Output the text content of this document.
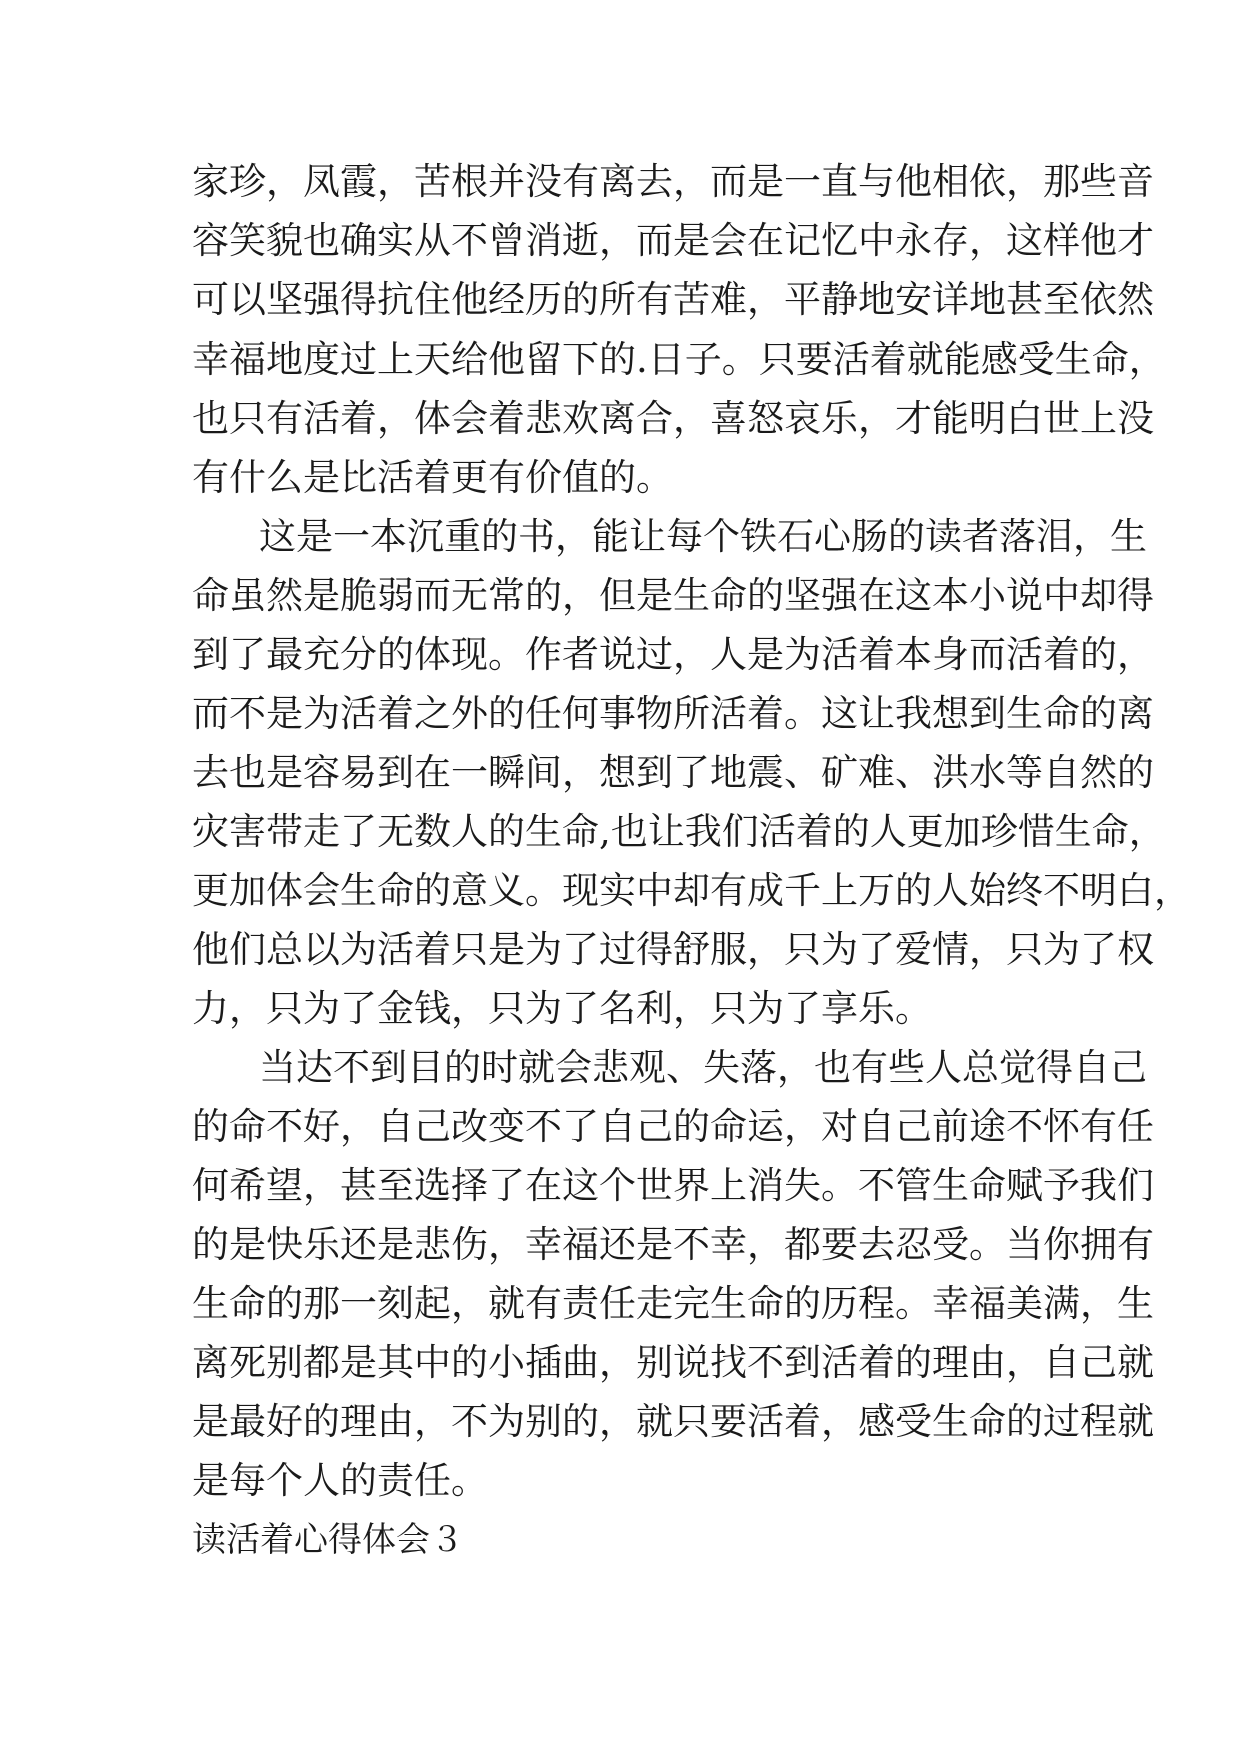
家珍，凤霞，苦根并没有离去，而是一直与他相依，那些音
容笑貌也确实从不曾消逝，而是会在记忆中永存，这样他才
可以坚强得抗住他经历的所有苦难，平静地安详地甚至依然
幸福地度过上天给他留下的.日子。只要活着就能感受生命，
也只有活着，体会着悲欢离合，喜怒哀乐，才能明白世上没
有什么是比活着更有价值的。
这是一本沉重的书，能让每个铁石心肠的读者落泪，生
命虽然是脆弱而无常的，但是生命的坚强在这本小说中却得
到了最充分的体现。作者说过，人是为活着本身而活着的，
而不是为活着之外的任何事物所活着。这让我想到生命的离
去也是容易到在一瞬间，想到了地震、矿难、洪水等自然的
灾害带走了无数人的生命,也让我们活着的人更加珍惜生命，
更加体会生命的意义。现实中却有成千上万的人始终不明白，
他们总以为活着只是为了过得舒服，只为了爱情，只为了权
力，只为了金钱，只为了名利，只为了享乐。
当达不到目的时就会悲观、失落，也有些人总觉得自己
的命不好，自己改变不了自己的命运，对自己前途不怀有任
何希望，甚至选择了在这个世界上消失。不管生命赋予我们
的是快乐还是悲伤，幸福还是不幸，都要去忍受。当你拥有
生命的那一刻起，就有责任走完生命的历程。幸福美满，生
离死别都是其中的小插曲，别说找不到活着的理由，自己就
是最好的理由，不为别的，就只要活着，感受生命的过程就
是每个人的责任。
读活着心得体会３
